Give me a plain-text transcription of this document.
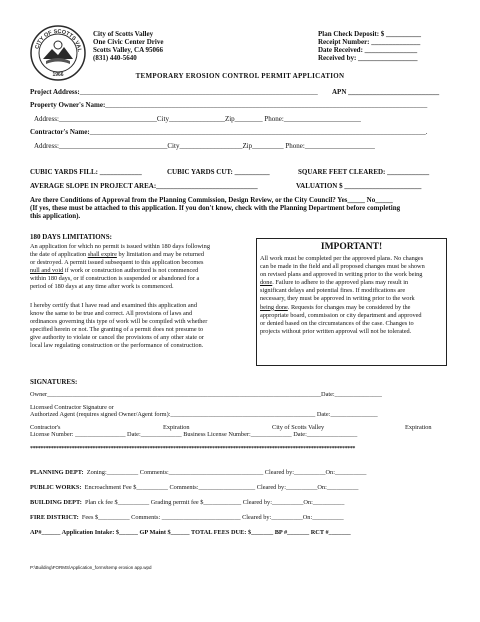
CITY OF SCOTTS VAL
1966
City of Scotts Valley
One Civic Center Drive
Scotts Valley, CA 95066
(831) 440-5640
Plan Check Deposit: $ __________
Receipt Number: ______________
Date Received: _______________
Received by: _________________
TEMPORARY EROSION CONTROL PERMIT APPLICATION
Project Address:____________________________________________________________________ APN __________________________
Property Owner's Name:____________________________________________________________________________________________
Address:____________________________City________________Zip________ Phone:______________________
Contractor's Name:________________________________________________________________________________________________.
Address:_______________________________City__________________Zip_________ Phone:____________________
CUBIC YARDS FILL: ____________	CUBIC YARDS CUT: __________	SQUARE FEET CLEARED: ____________
AVERAGE SLOPE IN PROJECT AREA:_____________________________	VALUATION $ ______________________
Are there Conditions of Approval from the Planning Commission, Design Review, or the City Council? Yes_____ No_____
(If yes, these must be attached to this application. If you don't know, check with the Planning Department before completing
this application).
180 DAYS LIMITATIONS:
An application for which no permit is issued within 180 days following
the date of application shall expire by limitation and may be returned
or destroyed. A permit issued subsequent to this application becomes
null and void if work or construction authorized is not commenced
within 180 days, or if construction is suspended or abandoned for a
period of 180 days at any time after work is commenced.
I hereby certify that I have read and examined this application and
know the same to be true and correct. All provisions of laws and
ordinances governing this type of work will be compiled with whether
specified herein or not. The granting of a permit does not presume to
give authority to violate or cancel the provisions of any other state or
local law regulating construction or the performance of construction.
IMPORTANT!
All work must be completed per the approved plans. No changes
can be made in the field and all proposed changes must be shown
on revised plans and approved in writing prior to the work being
done. Failure to adhere to the approved plans may result in
significant delays and potential fines. If modifications are
necessary, they must be approved in writing prior to the work
being done. Requests for changes may be considered by the
appropriate board, commission or city department and approved
or denied based on the circumstances of the case. Changes to
projects without prior written approval will not be tolerated.
SIGNATURES:
Owner_______________________________________________________________________________________Date:_______________
Licensed Contractor Signature or
Authorized Agent (requires signed Owner/Agent form):______________________________________________ Date:_______________
Contractor's	Expiration	City of Scotts Valley	Expiration
License Number: ________________ Date:_____________ Business License Number:_____________ Date:________________
*****************************************************************************************************************************
PLANNING DEPT: Zoning:__________ Comments:______________________________ Cleared by:__________On:__________
PUBLIC WORKS: Encroachment Fee $__________ Comments:__________________ Cleared by:__________On:__________
BUILDING DEPT: Plan ck fee $__________ Grading permit fee $____________ Cleared by:__________On:__________
FIRE DISTRICT: Fees $__________ Comments: _________________________ Cleared by:__________On:__________
AP#______ Application Intake: $______ GP Maint $______ TOTAL FEES DUE: $_______ BP #_______ RCT #_______
P:\Building\FORMS\Application_forms\temp erosion app.wpd
